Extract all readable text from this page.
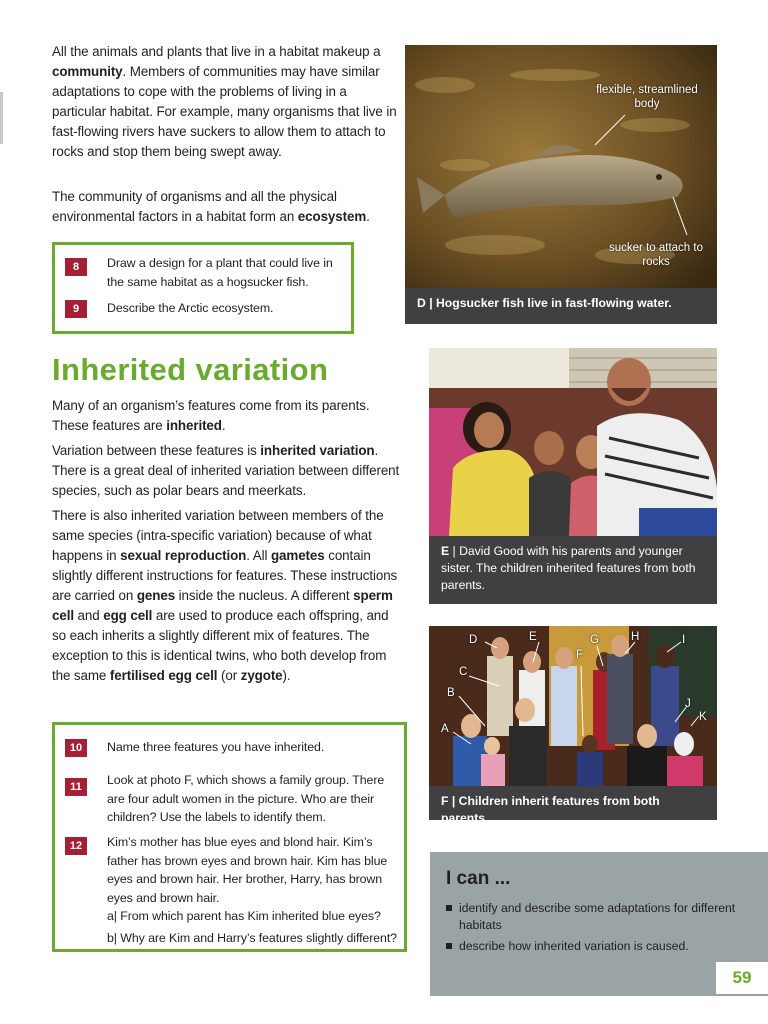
All the animals and plants that live in a habitat makeup a community. Members of communities may have similar adaptations to cope with the problems of living in a particular habitat. For example, many organisms that live in fast-flowing rivers have suckers to allow them to attach to rocks and stop them being swept away.
The community of organisms and all the physical environmental factors in a habitat form an ecosystem.
8	Draw a design for a plant that could live in the same habitat as a hogsucker fish.
9	Describe the Arctic ecosystem.
flexible, streamlined body
sucker to attach to rocks
D | Hogsucker fish live in fast-flowing water.
Inherited variation
Many of an organism’s features come from its parents. These features are inherited.
Variation between these features is inherited variation. There is a great deal of inherited variation between different species, such as polar bears and meerkats.
There is also inherited variation between members of the same species (intra-specific variation) because of what happens in sexual reproduction. All gametes contain slightly different instructions for features. These instructions are carried on genes inside the nucleus. A different sperm cell and egg cell are used to produce each offspring, and so each inherits a slightly different mix of features. The exception to this is identical twins, who both develop from the same fertilised egg cell (or zygote).
E | David Good with his parents and younger sister. The children inherited features from both parents.
A
B
C
D	E
F
G	H	I
J
K
F | Children inherit features from both parents.
10	Name three features you have inherited.
11	Look at photo F, which shows a family group. There are four adult women in the picture. Who are their children? Use the labels to identify them.
12	Kim’s mother has blue eyes and blond hair. Kim’s father has brown eyes and brown hair. Kim has blue eyes and brown hair. Her brother, Harry, has brown eyes and brown hair.
a| From which parent has Kim inherited blue eyes?
b| Why are Kim and Harry’s features slightly different?
I can ...
identify and describe some adaptations for different habitats
describe how inherited variation is caused.
59
